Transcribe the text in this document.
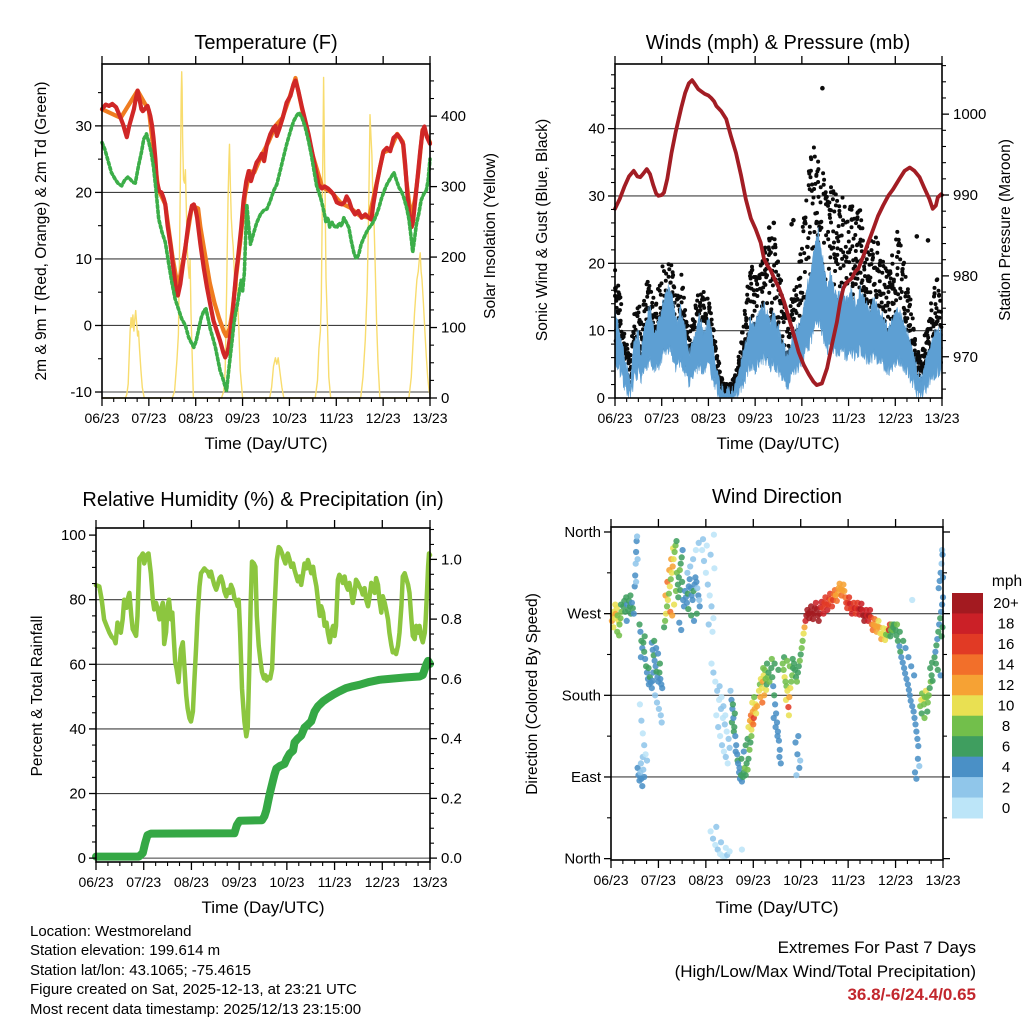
06/23 07/23 08/23 09/23 10/23 11/23 12/23 13/23
-10
0
10
20
30
0
100
200
300
400
06/23 07/23 08/23 09/23 10/23 11/23 12/23 13/23
0
10
20
30
40
970
980
990
1000
06/23 07/23 08/23 09/23 10/23 11/23 12/23 13/23
0
20
40
60
80
100
0.0
0.2
0.4
0.6
0.8
1.0
06/23 07/23 08/23 09/23 10/23 11/23 12/23 13/23
North
West
South
East
North
20+
18
16
14
12
10
8
6
4
2
0
Temperature (F)	Winds (mph) & Pressure (mb)
Relative Humidity (%) & Precipitation (in)	Wind Direction
Time (Day/UTC)	Time (Day/UTC)
Time (Day/UTC)	Time (Day/UTC)
2m & 9m T (Red, Orange) & 2m Td (Green)	Solar Insolation (Yellow) Sonic Wind & Gust (Blue, Black)	Station Pressure (Maroon)
Percent & Total Rainfall	Direction (Colored By Speed)
mph
Location: Westmoreland
Station elevation: 199.614 m
Station lat/lon: 43.1065; -75.4615
Figure created on Sat, 2025-12-13, at 23:21 UTC
Most recent data timestamp: 2025/12/13 23:15:00
Extremes For Past 7 Days
(High/Low/Max Wind/Total Precipitation)
36.8/-6/24.4/0.65
